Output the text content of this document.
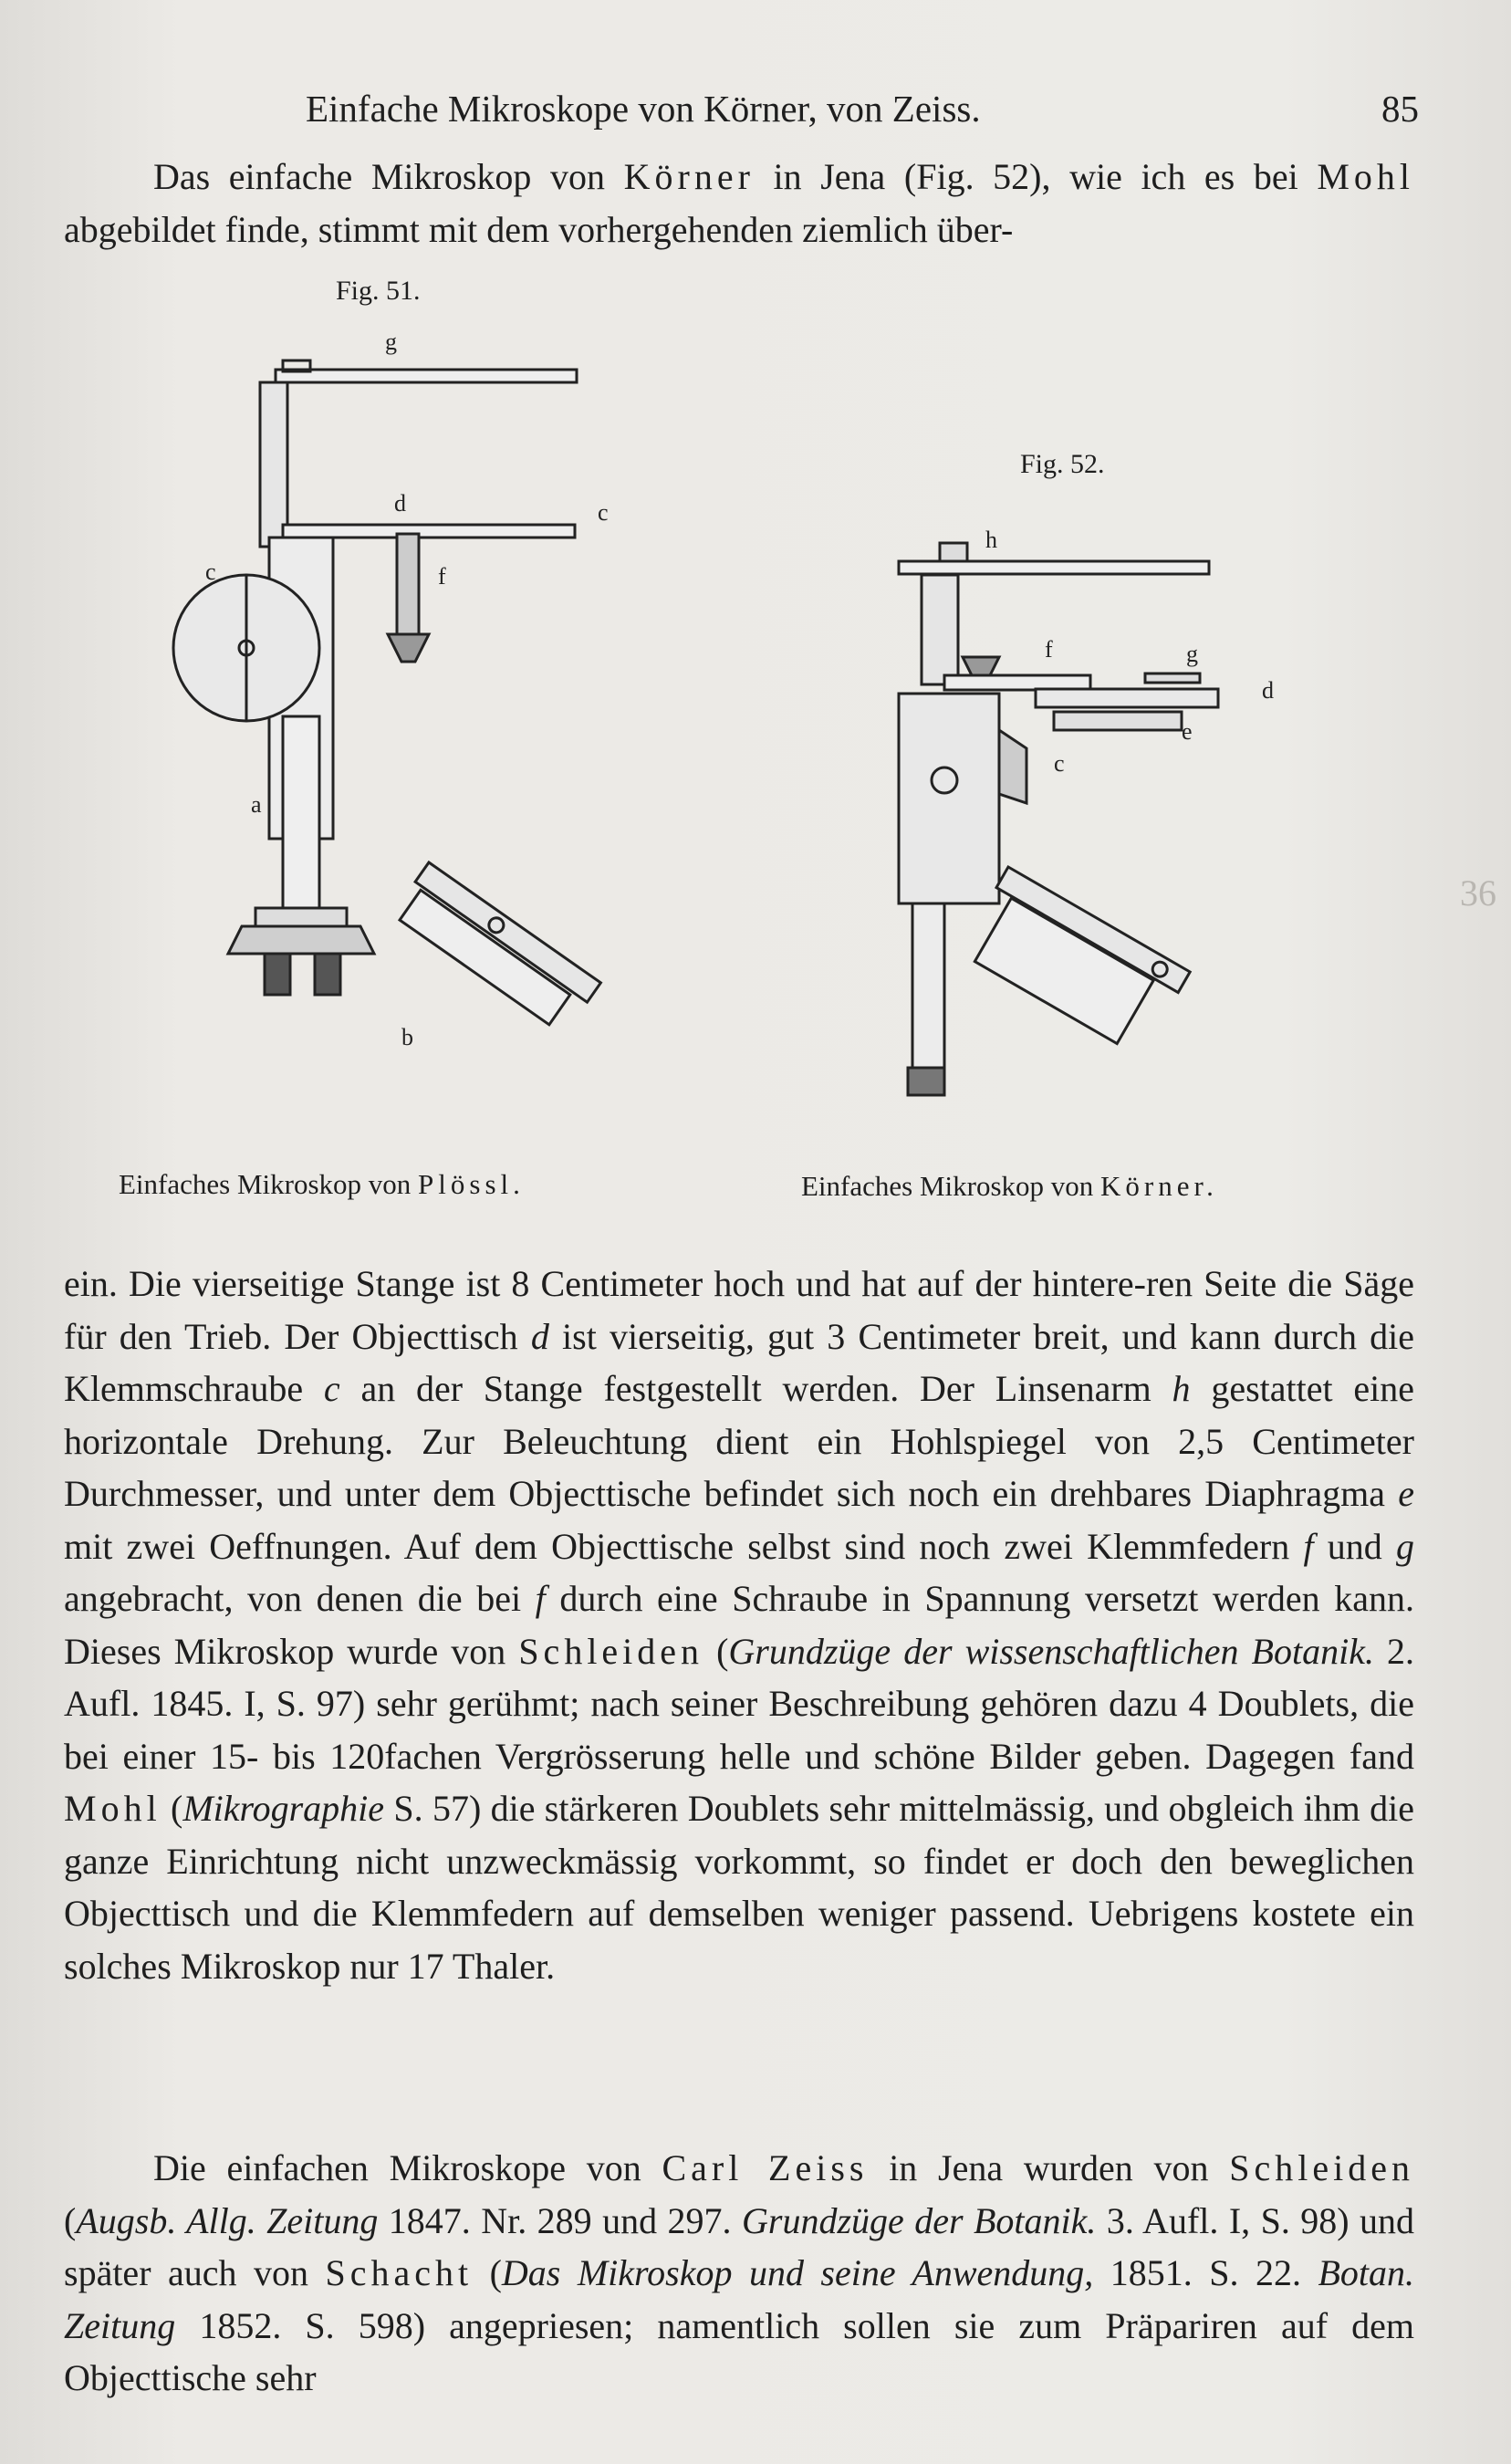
Einfache Mikroskope von Körner, von Zeiss.	85

Das einfache Mikroskop von Körner in Jena (Fig. 52), wie ich es bei Mohl abgebildet finde, stimmt mit dem vorhergehenden ziemlich über-

Fig. 51.
g
d	c
c	f
a
b
Einfaches Mikroskop von Plössl.
Fig. 52.
h
f	g
d
e
c
Einfaches Mikroskop von Körner.
36

ein. Die vierseitige Stange ist 8 Centimeter hoch und hat auf der hintere-ren Seite die Säge für den Trieb. Der Objecttisch d ist vierseitig, gut 3 Centimeter breit, und kann durch die Klemmschraube c an der Stange festgestellt werden. Der Linsenarm h gestattet eine horizontale Drehung. Zur Beleuchtung dient ein Hohlspiegel von 2,5 Centimeter Durchmesser, und unter dem Objecttische befindet sich noch ein drehbares Diaphragma e mit zwei Oeffnungen. Auf dem Objecttische selbst sind noch zwei Klemmfedern f und g angebracht, von denen die bei f durch eine Schraube in Spannung versetzt werden kann. Dieses Mikroskop wurde von Schleiden (Grundzüge der wissenschaftlichen Botanik. 2. Aufl. 1845. I, S. 97) sehr gerühmt; nach seiner Beschreibung gehören dazu 4 Doublets, die bei einer 15- bis 120fachen Vergrösserung helle und schöne Bilder geben. Dagegen fand Mohl (Mikrographie S. 57) die stärkeren Doublets sehr mittelmässig, und obgleich ihm die ganze Einrichtung nicht unzweckmässig vorkommt, so findet er doch den beweglichen Objecttisch und die Klemmfedern auf demselben weniger passend. Uebrigens kostete ein solches Mikroskop nur 17 Thaler.

Die einfachen Mikroskope von Carl Zeiss in Jena wurden von Schleiden (Augsb. Allg. Zeitung 1847. Nr. 289 und 297. Grundzüge der Botanik. 3. Aufl. I, S. 98) und später auch von Schacht (Das Mikroskop und seine Anwendung, 1851. S. 22. Botan. Zeitung 1852. S. 598) angepriesen; namentlich sollen sie zum Präpariren auf dem Objecttische sehr
